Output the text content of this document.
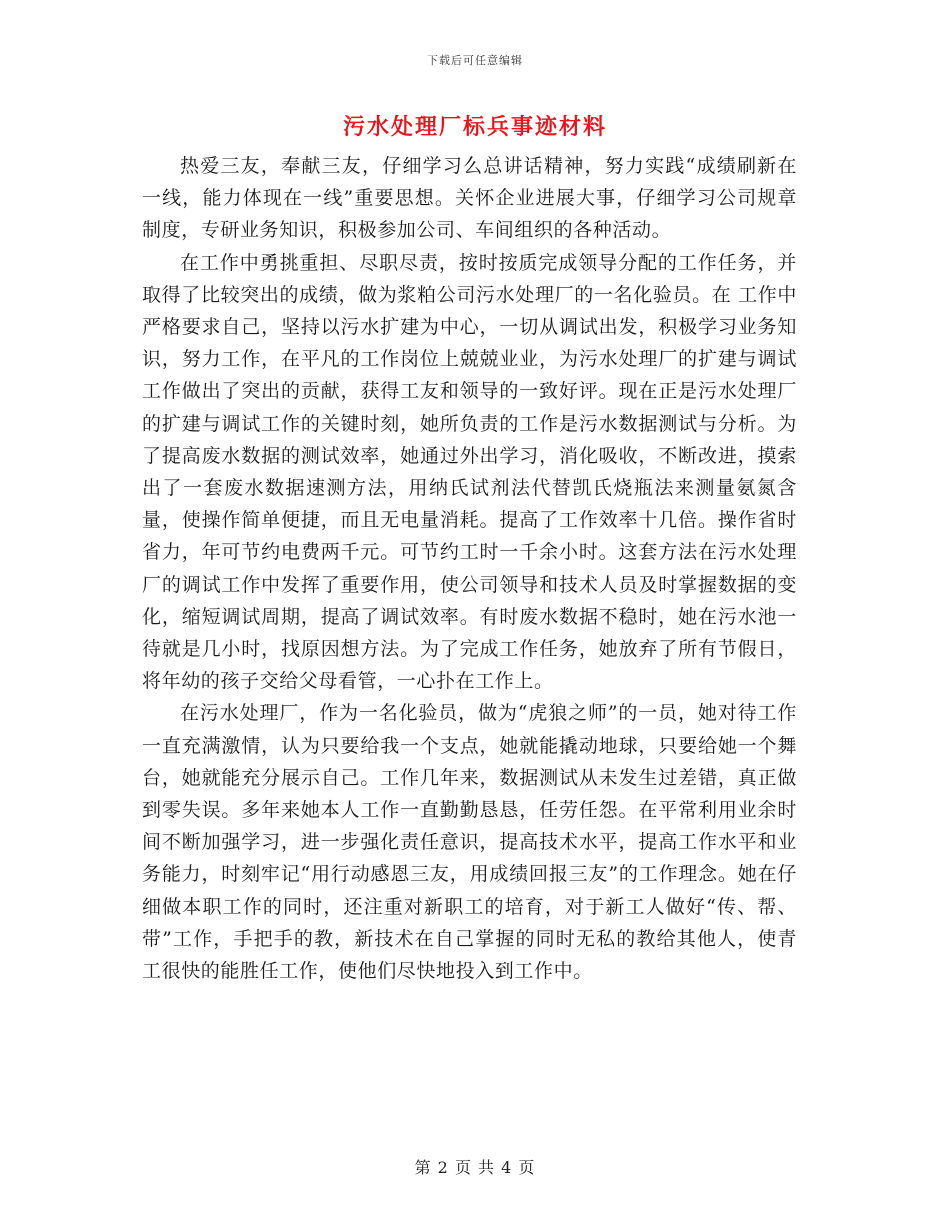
下载后可任意编辑
污水处理厂标兵事迹材料

热爱三友，奉献三友，仔细学习么总讲话精神，努力实践“成绩刷新在一线，能力体现在一线”重要思想。关怀企业进展大事，仔细学习公司规章制度，专研业务知识，积极参加公司、车间组织的各种活动。

在工作中勇挑重担、尽职尽责，按时按质完成领导分配的工作任务，并取得了比较突出的成绩，做为浆粕公司污水处理厂的一名化验员。在 工作中严格要求自己，坚持以污水扩建为中心，一切从调试出发，积极学习业务知识，努力工作，在平凡的工作岗位上兢兢业业，为污水处理厂的扩建与调试工作做出了突出的贡献，获得工友和领导的一致好评。现在正是污水处理厂的扩建与调试工作的关键时刻，她所负责的工作是污水数据测试与分析。为了提高废水数据的测试效率，她通过外出学习，消化吸收，不断改进，摸索出了一套废水数据速测方法，用纳氏试剂法代替凯氏烧瓶法来测量氨氮含量，使操作简单便捷，而且无电量消耗。提高了工作效率十几倍。操作省时省力，年可节约电费两千元。可节约工时一千余小时。这套方法在污水处理厂的调试工作中发挥了重要作用，使公司领导和技术人员及时掌握数据的变化，缩短调试周期，提高了调试效率。有时废水数据不稳时，她在污水池一待就是几小时，找原因想方法。为了完成工作任务，她放弃了所有节假日，将年幼的孩子交给父母看管，一心扑在工作上。

在污水处理厂，作为一名化验员，做为“虎狼之师”的一员，她对待工作一直充满激情，认为只要给我一个支点，她就能撬动地球，只要给她一个舞台，她就能充分展示自己。工作几年来，数据测试从未发生过差错，真正做到零失误。多年来她本人工作一直勤勤恳恳，任劳任怨。在平常利用业余时间不断加强学习，进一步强化责任意识，提高技术水平，提高工作水平和业务能力，时刻牢记“用行动感恩三友，用成绩回报三友”的工作理念。她在仔细做本职工作的同时，还注重对新职工的培育，对于新工人做好“传、帮、带”工作，手把手的教，新技术在自己掌握的同时无私的教给其他人，使青工很快的能胜任工作，使他们尽快地投入到工作中。

第 2 页 共 4 页
